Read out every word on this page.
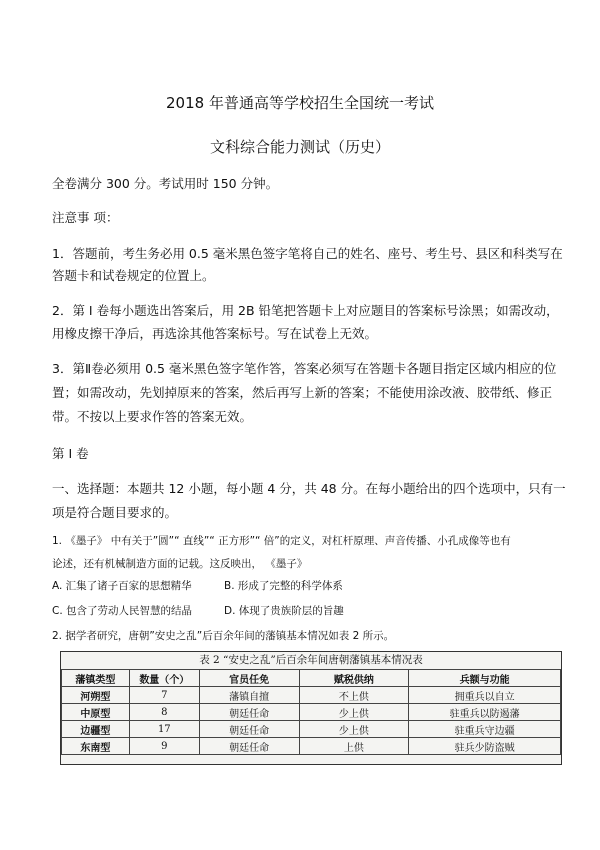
2018 年普通高等学校招生全国统一考试
文科综合能力测试（历史）
全卷满分 300 分。考试用时 150 分钟。
注意事 项：
1．答题前，考生务必用 0.5 毫米黑色签字笔将自己的姓名、座号、考生号、县区和科类写在
答题卡和试卷规定的位置上。
2．第 I 卷每小题选出答案后，用 2B 铅笔把答题卡上对应题目的答案标号涂黑；如需改动，
用橡皮擦干净后，再选涂其他答案标号。写在试卷上无效。
3．第Ⅱ卷必须用 0.5 毫米黑色签字笔作答，答案必须写在答题卡各题目指定区域内相应的位
置；如需改动，先划掉原来的答案，然后再写上新的答案；不能使用涂改液、胶带纸、修正
带。不按以上要求作答的答案无效。
第 I 卷
一、选择题：本题共 12 小题，每小题 4 分，共 48 分。在每小题给出的四个选项中，只有一
项是符合题目要求的。
1. 《墨子》 中有关于”圆”“ 直线”“ 正方形”“ 倍”的定义，对杠杆原理、声音传播、小孔成像等也有
论述，还有机械制造方面的记载。这反映出， 《墨子》
A. 汇集了诸子百家的思想精华	B. 形成了完整的科学体系
C. 包含了劳动人民智慧的结晶	D. 体现了贵族阶层的旨趣
2. 据学者研究，唐朝”安史之乱”后百余年间的藩镇基本情况如表 2 所示。
表 2 “安史之乱”后百余年间唐朝藩镇基本情况表
藩镇类型	数量（个）	官员任免	赋税供纳	兵额与功能
河朔型	7	藩镇自擅	不上供	拥重兵以自立
中原型	8	朝廷任命	少上供	驻重兵以防遏藩
边疆型	17	朝廷任命	少上供	驻重兵守边疆
东南型	9	朝廷任命	上供	驻兵少防盗贼
